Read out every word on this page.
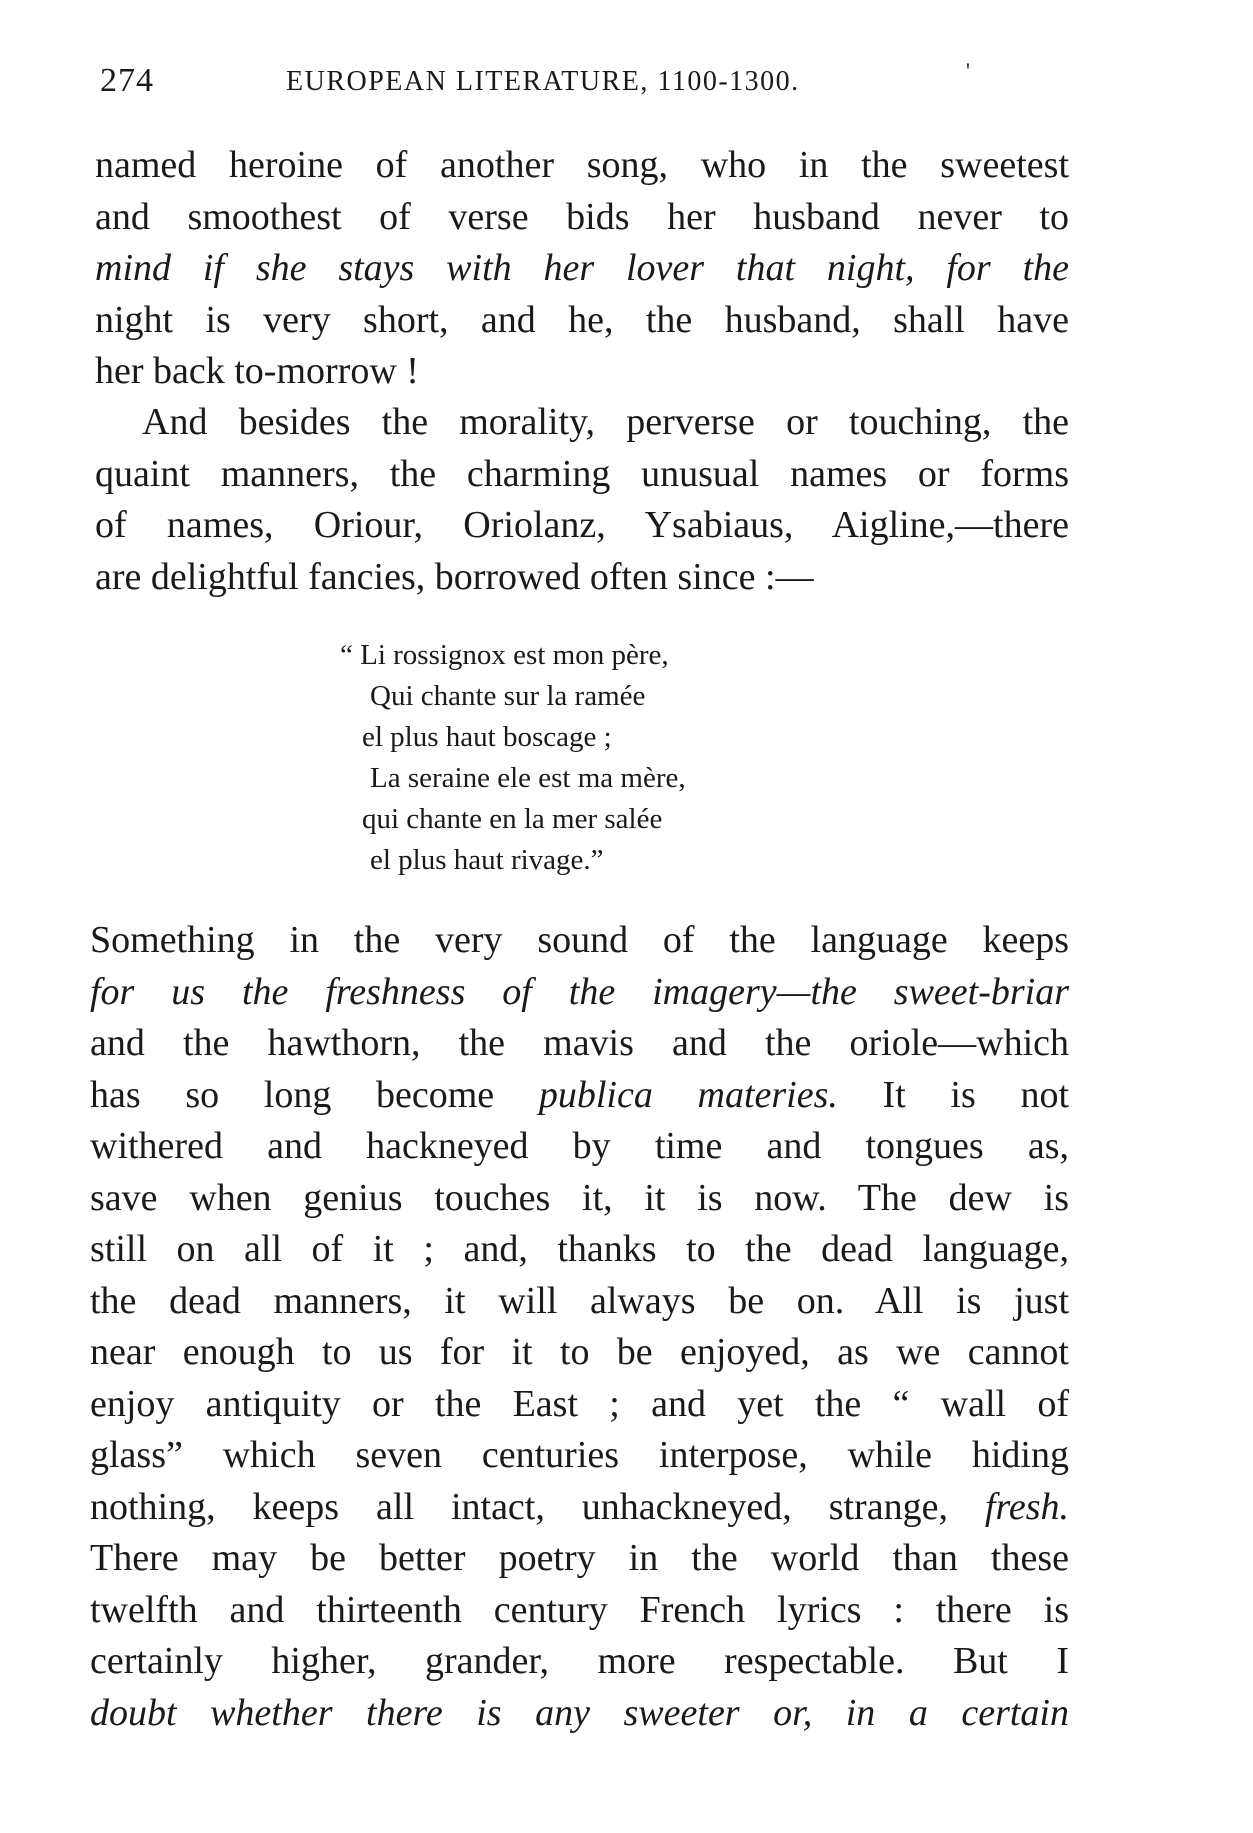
274	EUROPEAN LITERATURE, 1100-1300.	'
named heroine of another song, who in the sweetest
and smoothest of verse bids her husband never to
mind if she stays with her lover that night, for the
night is very short, and he, the husband, shall have
her back to-morrow !
And besides the morality, perverse or touching, the
quaint manners, the charming unusual names or forms
of names, Oriour, Oriolanz, Ysabiaus, Aigline,—there
are delightful fancies, borrowed often since :—
“ Li rossignox est mon père,
Qui chante sur la ramée
el plus haut boscage ;
La seraine ele est ma mère,
qui chante en la mer salée
el plus haut rivage.”
Something in the very sound of the language keeps
for us the freshness of the imagery—the sweet-briar
and the hawthorn, the mavis and the oriole—which
has so long become publica materies. It is not
withered and hackneyed by time and tongues as,
save when genius touches it, it is now. The dew is
still on all of it ; and, thanks to the dead language,
the dead manners, it will always be on. All is just
near enough to us for it to be enjoyed, as we cannot
enjoy antiquity or the East ; and yet the “ wall of
glass” which seven centuries interpose, while hiding
nothing, keeps all intact, unhackneyed, strange, fresh.
There may be better poetry in the world than these
twelfth and thirteenth century French lyrics : there is
certainly higher, grander, more respectable. But I
doubt whether there is any sweeter or, in a certain
